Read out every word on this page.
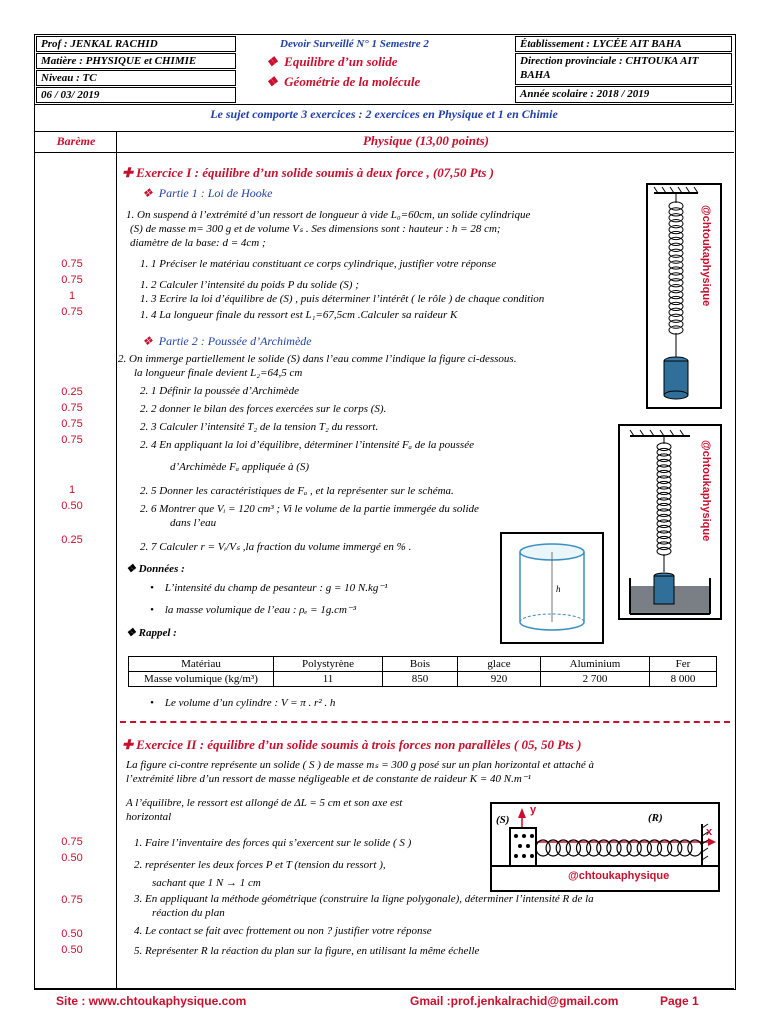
Prof : JENKAL RACHID
Matière : PHYSIQUE et CHIMIE
Niveau : TC
06 / 03/ 2019
Devoir Surveillé N° 1 Semestre 2
❖  Equilibre d’un solide
❖  Géométrie de la molécule
Établissement : LYCÉE AIT BAHA
Direction provinciale : CHTOUKA AIT BAHA
Année scolaire : 2018 / 2019
Le sujet comporte 3 exercices : 2 exercices en Physique et 1 en Chimie
Barème	Physique (13,00 points)
✚ Exercice I : équilibre d’un solide soumis à deux force , (07,50 Pts )
❖ Partie 1 : Loi de Hooke
1. On suspend à l’extrémité d’un ressort de longueur à vide L₀=60cm, un solide cylindrique
(S) de masse m= 300 g et de volume Vₛ . Ses dimensions sont : hauteur : h = 28 cm;
diamètre de la base: d = 4cm ;
1. 1 Préciser le matériau constituant ce corps cylindrique, justifier votre réponse
1. 2 Calculer l’intensité du poids P du solide (S) ;
1. 3 Ecrire la loi d’équilibre de (S) , puis déterminer l’intérêt ( le rôle ) de chaque condition
1. 4 La longueur finale du ressort est L₁=67,5cm .Calculer sa raideur K
❖ Partie 2 : Poussée d’Archimède
2. On immerge partiellement le solide (S) dans l’eau comme l’indique la figure ci-dessous.
la longueur finale devient L₂=64,5 cm
2. 1 Définir la poussée d’Archimède
2. 2 donner le bilan des forces exercées sur le corps (S).
2. 3 Calculer l’intensité T₂ de la tension T₂ du ressort.
2. 4 En appliquant la loi d’équilibre, déterminer l’intensité Fₐ de la poussée
d’Archimède Fₐ appliquée à (S)
2. 5 Donner les caractéristiques de Fₐ , et la représenter sur le schéma.
2. 6 Montrer que Vᵢ = 120 cm³ ; Vi le volume de la partie immergée du solide
dans l’eau
2. 7 Calculer r = Vᵢ/Vₛ ,la fraction du volume immergé en % .
❖ Données :
•    L’intensité du champ de pesanteur : g = 10 N.kg⁻¹
•    la masse volumique de l’eau : ρₑ = 1g.cm⁻³
❖ Rappel :
Matériau	Polystyrène	Bois	glace	Aluminium	Fer
Masse volumique (kg/m³)	11	850	920	2 700	8 000
•    Le volume d’un cylindre : V = π . r² . h
✚ Exercice II : équilibre d’un solide soumis à trois forces non parallèles ( 05, 50 Pts )
La figure ci-contre représente un solide ( S ) de masse mₛ = 300 g posé sur un plan horizontal et attaché à
l’extrémité libre d’un ressort de masse négligeable et de constante de raideur K = 40 N.m⁻¹
A l’équilibre, le ressort est allongé de ΔL = 5 cm et son axe est
horizontal
1. Faire l’inventaire des forces qui s’exercent sur le solide ( S )
2. représenter les deux forces P et T (tension du ressort ),
sachant que 1 N → 1 cm
3. En appliquant la méthode géométrique (construire la ligne polygonale), déterminer l’intensité R de la
réaction du plan
4. Le contact se fait avec frottement ou non ? justifier votre réponse
5. Représenter R la réaction du plan sur la figure, en utilisant la même échelle
0.75
0.75
1
0.75
0.25
0.75
0.75
0.75
1
0.50
0.25
0.75
0.50
0.75
0.50
0.50
@chtoukaphysique
@chtoukaphysique
h
(S)	(R)
y
x
@chtoukaphysique
Site : www.chtoukaphysique.com	Gmail :prof.jenkalrachid@gmail.com	Page 1
